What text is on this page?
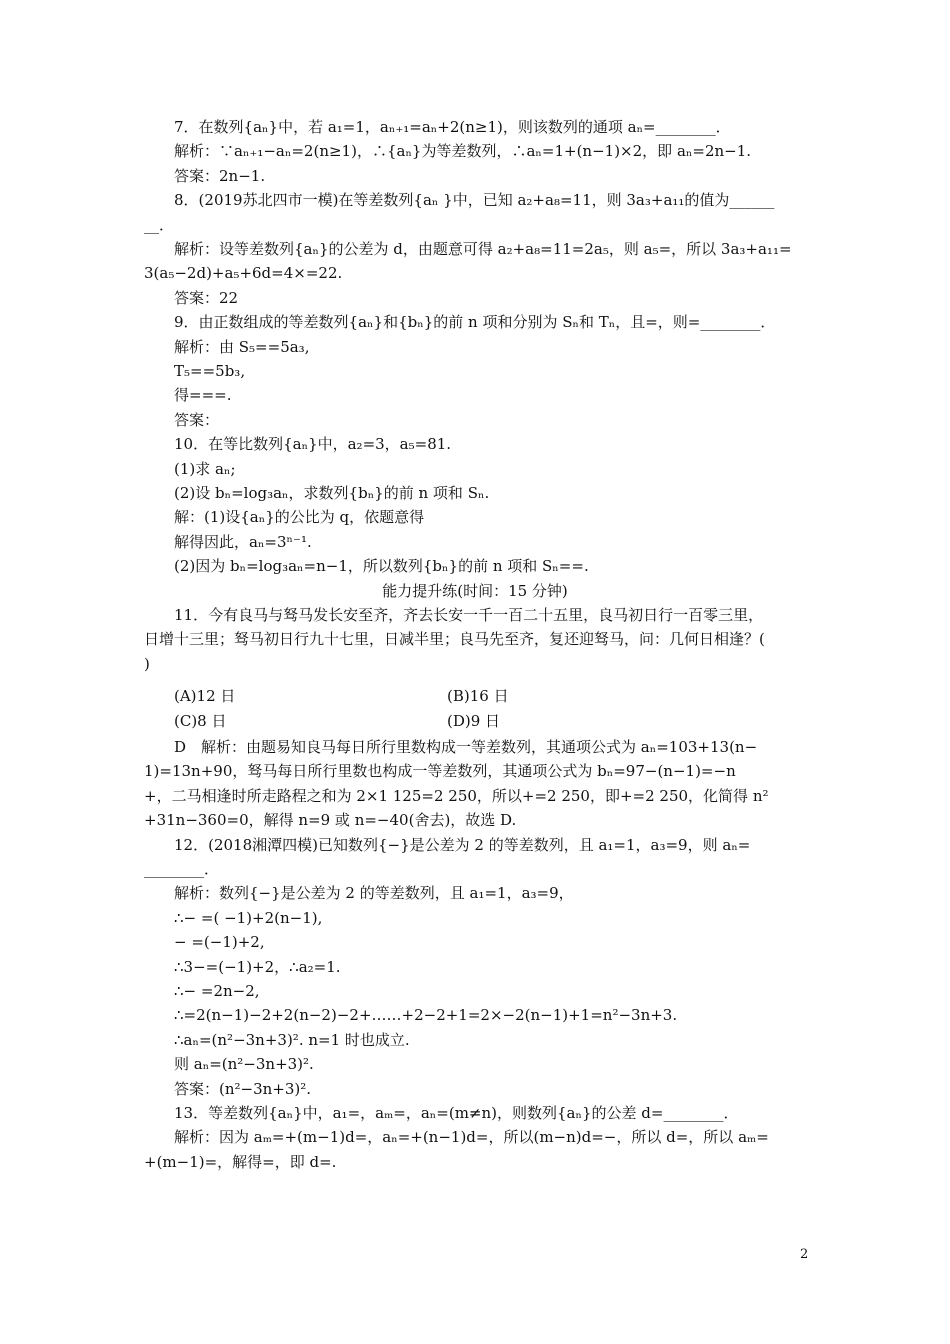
7．在数列{aₙ}中，若 a₁=1，aₙ₊₁=aₙ+2(n≥1)，则该数列的通项 aₙ=________．
解析：∵aₙ₊₁−aₙ=2(n≥1)，∴{aₙ}为等差数列，∴aₙ=1+(n−1)×2，即 aₙ=2n−1.
答案：2n−1.
8．(2019苏北四市一模)在等差数列{aₙ }中，已知 a₂+a₈=11，则 3a₃+a₁₁的值为______
__．
解析：设等差数列{aₙ}的公差为 d，由题意可得 a₂+a₈=11=2a₅，则 a₅=，所以 3a₃+a₁₁=
3(a₅−2d)+a₅+6d=4×=22.
答案：22
9．由正数组成的等差数列{aₙ}和{bₙ}的前 n 项和分别为 Sₙ和 Tₙ，且=，则=________．
解析：由 S₅==5a₃,
T₅==5b₃,
得===.
答案：
10．在等比数列{aₙ}中，a₂=3，a₅=81.
(1)求 aₙ;
(2)设 bₙ=log₃aₙ，求数列{bₙ}的前 n 项和 Sₙ.
解：(1)设{aₙ}的公比为 q，依题意得
解得因此，aₙ=3ⁿ⁻¹.
(2)因为 bₙ=log₃aₙ=n−1，所以数列{bₙ}的前 n 项和 Sₙ==.
能力提升练(时间：15 分钟)
11．今有良马与驽马发长安至齐，齐去长安一千一百二十五里，良马初日行一百零三里，
日增十三里；驽马初日行九十七里，日减半里；良马先至齐，复还迎驽马，问：几何日相逢？(
)
(A)12 日	(B)16 日
(C)8 日	(D)9 日
D　解析：由题易知良马每日所行里数构成一等差数列，其通项公式为 aₙ=103+13(n−
1)=13n+90，驽马每日所行里数也构成一等差数列，其通项公式为 bₙ=97−(n−1)=−n
+，二马相逢时所走路程之和为 2×1 125=2 250，所以+=2 250，即+=2 250，化简得 n²
+31n−360=0，解得 n=9 或 n=−40(舍去)，故选 D.
12．(2018湘潭四模)已知数列{−}是公差为 2 的等差数列，且 a₁=1，a₃=9，则 aₙ=
________．
解析：数列{−}是公差为 2 的等差数列，且 a₁=1，a₃=9，
∴− =( −1)+2(n−1),
− =(−1)+2,
∴3−=(−1)+2，∴a₂=1.
∴− =2n−2,
∴=2(n−1)−2+2(n−2)−2+……+2−2+1=2×−2(n−1)+1=n²−3n+3.
∴aₙ=(n²−3n+3)². n=1 时也成立.
则 aₙ=(n²−3n+3)².
答案：(n²−3n+3)².
13．等差数列{aₙ}中，a₁=，aₘ=，aₙ=(m≠n)，则数列{aₙ}的公差 d=________．
解析：因为 aₘ=+(m−1)d=，aₙ=+(n−1)d=，所以(m−n)d=−，所以 d=，所以 aₘ=
+(m−1)=，解得=，即 d=.
2
